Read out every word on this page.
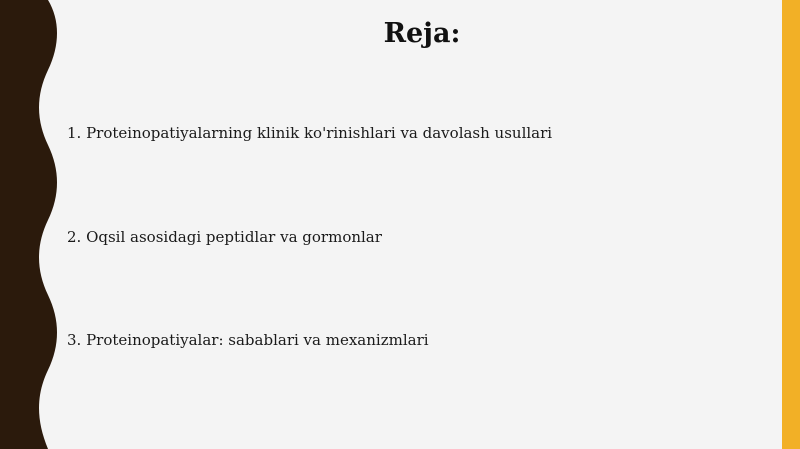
Reja:
1. Proteinopatiyalarning klinik ko'rinishlari va davolash usullari
2. Oqsil asosidagi peptidlar va gormonlar
3. Proteinopatiyalar: sabablari va mexanizmlari
